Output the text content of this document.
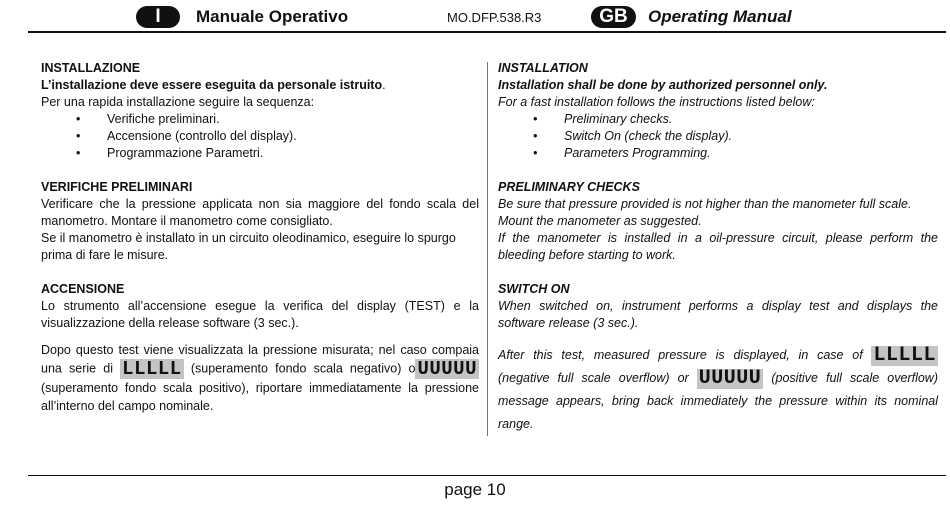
I	Manuale Operativo	MO.DFP.538.R3	GB	Operating Manual

INSTALLAZIONE

L’installazione deve essere eseguita da personale istruito.

Per una rapida installazione seguire la sequenza:

• Verifiche preliminari.
• Accensione (controllo del display).
• Programmazione Parametri.

VERIFICHE PRELIMINARI

Verificare che la pressione applicata non sia maggiore del fondo scala del manometro. Montare il manometro come consigliato.

Se il manometro è installato in un circuito oleodinamico, eseguire lo spurgo prima di fare le misure.

ACCENSIONE

Lo strumento all’accensione esegue la verifica del display (TEST) e la visualizzazione della release software (3 sec.).

Dopo questo test viene visualizzata la pressione misurata; nel caso compaia una serie di LLLLL (superamento fondo scala negativo) o UUUUU (superamento fondo scala positivo), riportare immediatamente la pressione all’interno del campo nominale.

INSTALLATION

Installation shall be done by authorized personnel only.

For a fast installation follows the instructions listed below:

• Preliminary checks.
• Switch On (check the display).
• Parameters Programming.

PRELIMINARY CHECKS

Be sure that pressure provided is not higher than the manometer full scale. Mount the manometer as suggested.

If the manometer is installed in a oil-pressure circuit, please perform the bleeding before starting to work.

SWITCH ON

When switched on, instrument performs a display test and displays the software release (3 sec.).

After this test, measured pressure is displayed, in case of LLLLL (negative full scale overflow) or UUUUU (positive full scale overflow) message appears, bring back immediately the pressure within its nominal range.

page 10
